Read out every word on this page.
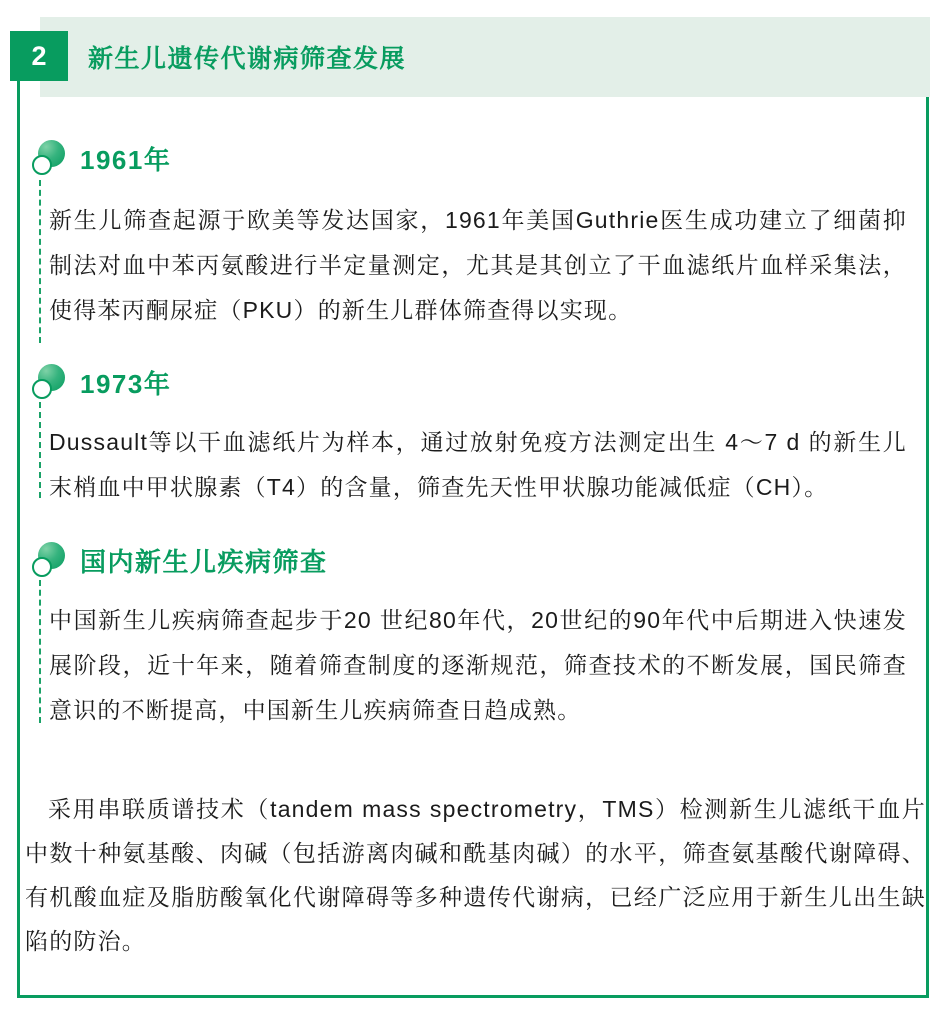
新生儿遗传代谢病筛查发展
2
1961年
新生儿筛查起源于欧美等发达国家，1961年美国Guthrie医生成功建立了细菌抑制法对血中苯丙氨酸进行半定量测定，尤其是其创立了干血滤纸片血样采集法，使得苯丙酮尿症（PKU）的新生儿群体筛查得以实现。
1973年
Dussault等以干血滤纸片为样本，通过放射免疫方法测定出生 4～7 d 的新生儿末梢血中甲状腺素（T4）的含量，筛查先天性甲状腺功能减低症（CH）。
国内新生儿疾病筛查
中国新生儿疾病筛查起步于20 世纪80年代，20世纪的90年代中后期进入快速发展阶段，近十年来，随着筛查制度的逐渐规范，筛查技术的不断发展，国民筛查意识的不断提高，中国新生儿疾病筛查日趋成熟。
采用串联质谱技术（tandem mass spectrometry，TMS）检测新生儿滤纸干血片中数十种氨基酸、肉碱（包括游离肉碱和酰基肉碱）的水平，筛查氨基酸代谢障碍、有机酸血症及脂肪酸氧化代谢障碍等多种遗传代谢病，已经广泛应用于新生儿出生缺陷的防治。
